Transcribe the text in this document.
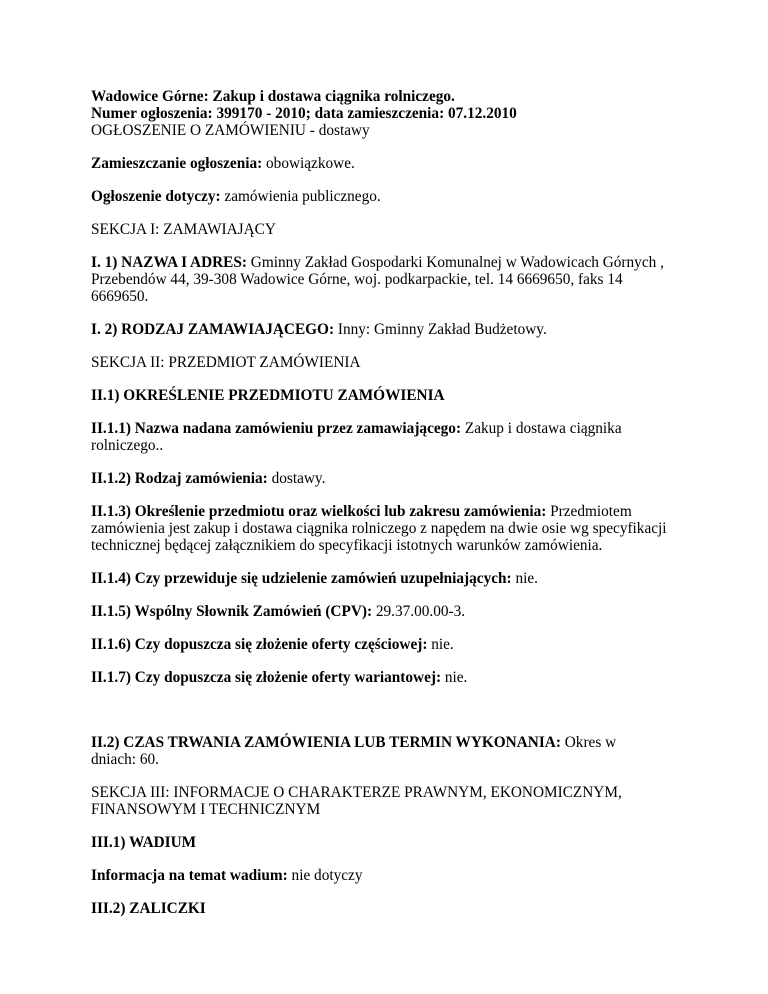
Wadowice Górne: Zakup i dostawa ciągnika rolniczego.
Numer ogłoszenia: 399170 - 2010; data zamieszczenia: 07.12.2010
OGŁOSZENIE O ZAMÓWIENIU - dostawy
Zamieszczanie ogłoszenia: obowiązkowe.
Ogłoszenie dotyczy: zamówienia publicznego.
SEKCJA I: ZAMAWIAJĄCY
I. 1) NAZWA I ADRES: Gminny Zakład Gospodarki Komunalnej w Wadowicach Górnych ,
Przebendów 44, 39-308 Wadowice Górne, woj. podkarpackie, tel. 14 6669650, faks 14
6669650.
I. 2) RODZAJ ZAMAWIAJĄCEGO: Inny: Gminny Zakład Budżetowy.
SEKCJA II: PRZEDMIOT ZAMÓWIENIA
II.1) OKREŚLENIE PRZEDMIOTU ZAMÓWIENIA
II.1.1) Nazwa nadana zamówieniu przez zamawiającego: Zakup i dostawa ciągnika
rolniczego..
II.1.2) Rodzaj zamówienia: dostawy.
II.1.3) Określenie przedmiotu oraz wielkości lub zakresu zamówienia: Przedmiotem
zamówienia jest zakup i dostawa ciągnika rolniczego z napędem na dwie osie wg specyfikacji
technicznej będącej załącznikiem do specyfikacji istotnych warunków zamówienia.
II.1.4) Czy przewiduje się udzielenie zamówień uzupełniających: nie.
II.1.5) Wspólny Słownik Zamówień (CPV): 29.37.00.00-3.
II.1.6) Czy dopuszcza się złożenie oferty częściowej: nie.
II.1.7) Czy dopuszcza się złożenie oferty wariantowej: nie.
II.2) CZAS TRWANIA ZAMÓWIENIA LUB TERMIN WYKONANIA: Okres w
dniach: 60.
SEKCJA III: INFORMACJE O CHARAKTERZE PRAWNYM, EKONOMICZNYM,
FINANSOWYM I TECHNICZNYM
III.1) WADIUM
Informacja na temat wadium: nie dotyczy
III.2) ZALICZKI
